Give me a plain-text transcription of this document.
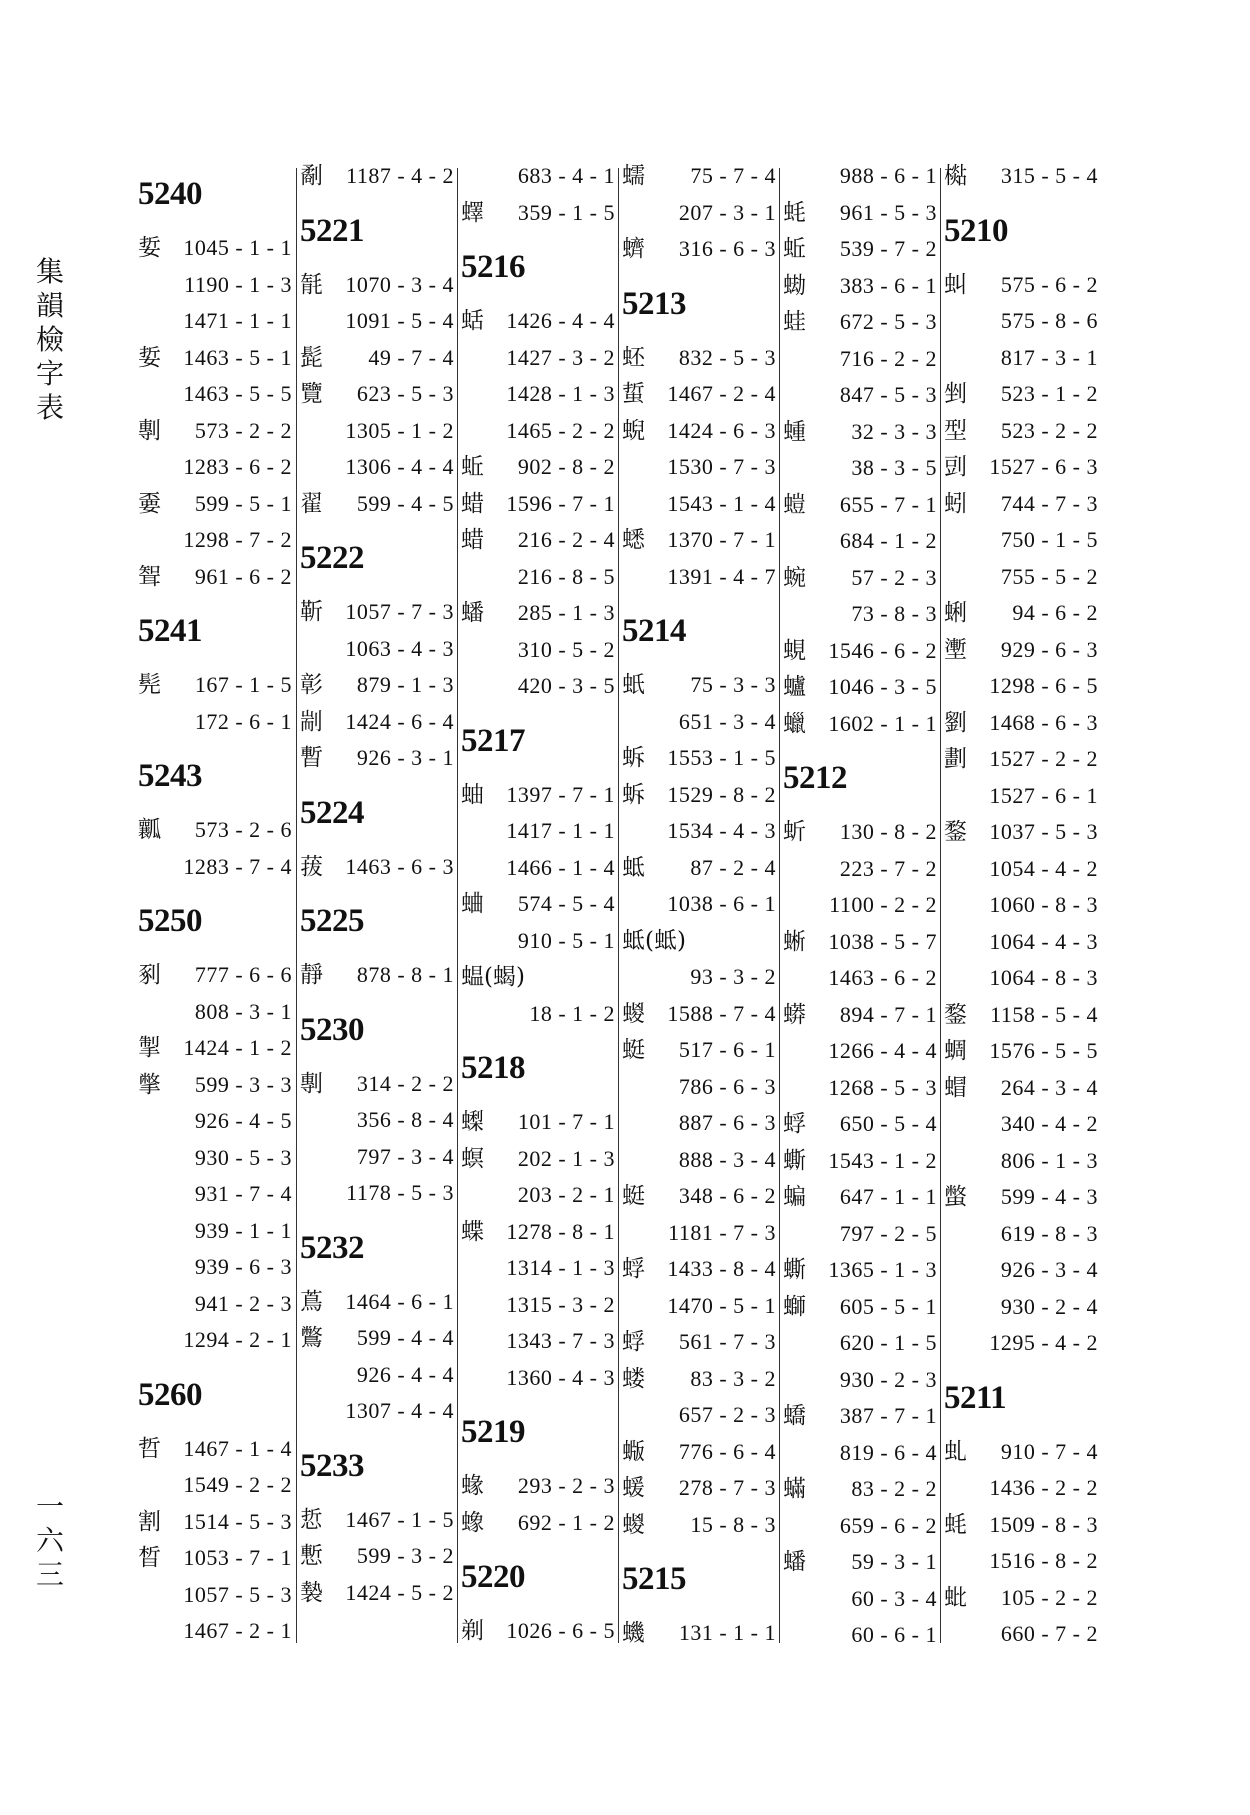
集
韻
檢
字
表
一
六
三
5240
娎 1045 - 1 - 1
1190 - 1 - 3
1471 - 1 - 1
娎 1463 - 5 - 1
1463 - 5 - 5
剸 573 - 2 - 2
1283 - 6 - 2
嫑 599 - 5 - 1
1298 - 7 - 2
聟 961 - 6 - 2
5241
髡 167 - 1 - 5
172 - 6 - 1
5243
瓤 573 - 2 - 6
1283 - 7 - 4
5250
剢 777 - 6 - 6
808 - 3 - 1
掣 1424 - 1 - 2
撆 599 - 3 - 3
926 - 4 - 5
930 - 5 - 3
931 - 7 - 4
939 - 1 - 1
939 - 6 - 3
941 - 2 - 3
1294 - 2 - 1
5260
哲 1467 - 1 - 4
1549 - 2 - 2
割 1514 - 5 - 3
晳 1053 - 7 - 1
1057 - 5 - 3
1467 - 2 - 1
劀 1187 - 4 - 2
5221
毻 1070 - 3 - 4
1091 - 5 - 4
髭 49 - 7 - 4
覽 623 - 5 - 3
1305 - 1 - 2
1306 - 4 - 4
翟 599 - 4 - 5
5222
靳 1057 - 7 - 3
1063 - 4 - 3
彰 879 - 1 - 3
剬 1424 - 6 - 4
暫 926 - 3 - 1
5224
菝 1463 - 6 - 3
5225
靜 878 - 8 - 1
5230
剸 314 - 2 - 2
356 - 8 - 4
797 - 3 - 4
1178 - 5 - 3
5232
蔦 1464 - 6 - 1
鷩 599 - 4 - 4
926 - 4 - 4
1307 - 4 - 4
5233
悊 1467 - 1 - 5
慙 599 - 3 - 2
褺 1424 - 5 - 2
683 - 4 - 1
蠌 359 - 1 - 5
5216
蛞 1426 - 4 - 4
1427 - 3 - 2
1428 - 1 - 3
1465 - 2 - 2
蚯 902 - 8 - 2
蜡 1596 - 7 - 1
蜡 216 - 2 - 4
216 - 8 - 5
蟠 285 - 1 - 3
310 - 5 - 2
420 - 3 - 5
5217
蚰 1397 - 7 - 1
1417 - 1 - 1
1466 - 1 - 4
蛐 574 - 5 - 4
910 - 5 - 1
蝹(蝎)
18 - 1 - 2
5218
蟍 101 - 7 - 1
螟 202 - 1 - 3
203 - 2 - 1
蝶 1278 - 8 - 1
1314 - 1 - 3
1315 - 3 - 2
1343 - 7 - 3
1360 - 4 - 3
5219
蝝 293 - 2 - 3
蟓 692 - 1 - 2
5220
剃 1026 - 6 - 5
蠕 75 - 7 - 4
207 - 3 - 1
蠐 316 - 6 - 3
5213
蚽 832 - 5 - 3
蜇 1467 - 2 - 4
蜺 1424 - 6 - 3
1530 - 7 - 3
1543 - 1 - 4
蟋 1370 - 7 - 1
1391 - 4 - 7
5214
蚔 75 - 3 - 3
651 - 3 - 4
蚸 1553 - 1 - 5
蚸 1529 - 8 - 2
1534 - 4 - 3
蚳 87 - 2 - 4
1038 - 6 - 1
蚳(蚳)
93 - 3 - 2
蝬 1588 - 7 - 4
蜓 517 - 6 - 1
786 - 6 - 3
887 - 6 - 3
888 - 3 - 4
蜓 348 - 6 - 2
1181 - 7 - 3
蜉 1433 - 8 - 4
1470 - 5 - 1
蜉 561 - 7 - 3
蝼 83 - 3 - 2
657 - 2 - 3
蝂 776 - 6 - 4
蝯 278 - 7 - 3
蝬 15 - 8 - 3
5215
蟣 131 - 1 - 1
988 - 6 - 1
蚝 961 - 5 - 3
蚯 539 - 7 - 2
蜐 383 - 6 - 1
蛙 672 - 5 - 3
716 - 2 - 2
847 - 5 - 3
蝩 32 - 3 - 3
38 - 3 - 5
螘 655 - 7 - 1
684 - 1 - 2
蜿 57 - 2 - 3
73 - 8 - 3
蜆 1546 - 6 - 2
蠦 1046 - 3 - 5
蠟 1602 - 1 - 1
5212
蚚 130 - 8 - 2
223 - 7 - 2
1100 - 2 - 2
蜥 1038 - 5 - 7
1463 - 6 - 2
蟒 894 - 7 - 1
1266 - 4 - 4
1268 - 5 - 3
蜉 650 - 5 - 4
蟖 1543 - 1 - 2
蝙 647 - 1 - 1
797 - 2 - 5
蟖 1365 - 1 - 3
螄 605 - 5 - 1
620 - 1 - 5
930 - 2 - 3
蟜 387 - 7 - 1
819 - 6 - 4
蟎 83 - 2 - 2
659 - 6 - 2
蟠 59 - 3 - 1
60 - 3 - 4
60 - 6 - 1
檆 315 - 5 - 4
5210
虯 575 - 6 - 2
575 - 8 - 6
817 - 3 - 1
剉 523 - 1 - 2
型 523 - 2 - 2
剅 1527 - 6 - 3
蚓 744 - 7 - 3
750 - 1 - 5
755 - 5 - 2
蜊 94 - 6 - 2
壍 929 - 6 - 3
1298 - 6 - 5
劉 1468 - 6 - 3
劃 1527 - 2 - 2
1527 - 6 - 1
鍪 1037 - 5 - 3
1054 - 4 - 2
1060 - 8 - 3
1064 - 4 - 3
1064 - 8 - 3
鍪 1158 - 5 - 4
蜩 1576 - 5 - 5
蝐 264 - 3 - 4
340 - 4 - 2
806 - 1 - 3
蟞 599 - 4 - 3
619 - 8 - 3
926 - 3 - 4
930 - 2 - 4
1295 - 4 - 2
5211
虬 910 - 7 - 4
1436 - 2 - 2
蚝 1509 - 8 - 3
1516 - 8 - 2
蚍 105 - 2 - 2
660 - 7 - 2
